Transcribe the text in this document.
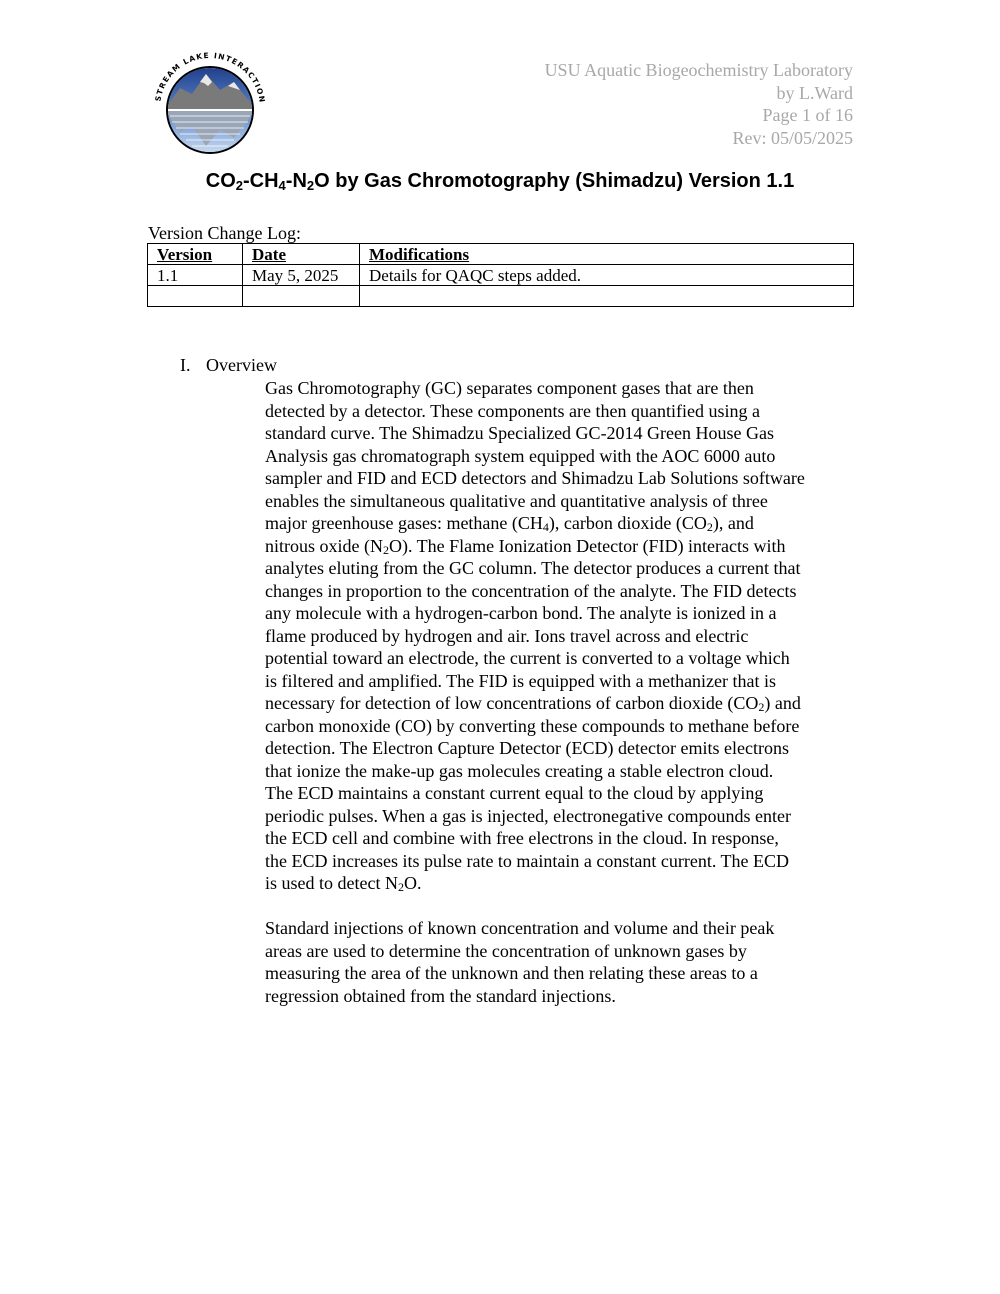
STREAM LAKE INTERACTION
USU Aquatic Biogeochemistry Laboratory
by L.Ward
Page 1 of 16
Rev: 05/05/2025
$CO_2-CH_4-N_2O$ by Gas Chromotography (Shimadzu) Version 1.1
Version Change Log:
Version	Date	Modifications
1.1	May 5, 2025	Details for QAQC steps added.

I. Overview
Gas Chromotography (GC) separates component gases that are then
detected by a detector. These components are then quantified using a
standard curve. The Shimadzu Specialized GC-2014 Green House Gas
Analysis gas chromatograph system equipped with the AOC 6000 auto
sampler and FID and ECD detectors and Shimadzu Lab Solutions software
enables the simultaneous qualitative and quantitative analysis of three
major greenhouse gases: methane (CH4), carbon dioxide (CO2), and
nitrous oxide (N2O). The Flame Ionization Detector (FID) interacts with
analytes eluting from the GC column. The detector produces a current that
changes in proportion to the concentration of the analyte. The FID detects
any molecule with a hydrogen-carbon bond. The analyte is ionized in a
flame produced by hydrogen and air. Ions travel across and electric
potential toward an electrode, the current is converted to a voltage which
is filtered and amplified. The FID is equipped with a methanizer that is
necessary for detection of low concentrations of carbon dioxide (CO2) and
carbon monoxide (CO) by converting these compounds to methane before
detection. The Electron Capture Detector (ECD) detector emits electrons
that ionize the make-up gas molecules creating a stable electron cloud.
The ECD maintains a constant current equal to the cloud by applying
periodic pulses. When a gas is injected, electronegative compounds enter
the ECD cell and combine with free electrons in the cloud. In response,
the ECD increases its pulse rate to maintain a constant current. The ECD
is used to detect N2O.
Standard injections of known concentration and volume and their peak
areas are used to determine the concentration of unknown gases by
measuring the area of the unknown and then relating these areas to a
regression obtained from the standard injections.
